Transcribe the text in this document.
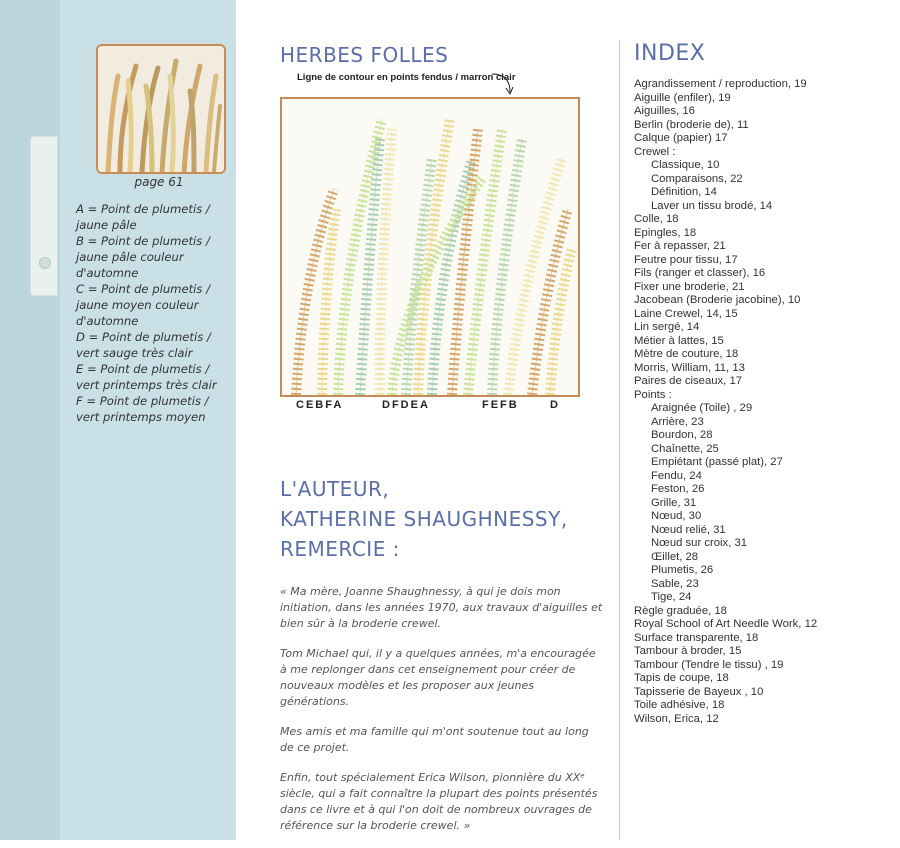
page 61
A = Point de plumetis / jaune pâle
B = Point de plumetis / jaune pâle couleur d'automne
C = Point de plumetis / jaune moyen couleur d'automne
D = Point de plumetis / vert sauge très clair
E = Point de plumetis / vert printemps très clair
F = Point de plumetis / vert printemps moyen
HERBES FOLLES
Ligne de contour en points fendus / marron clair
CEBFA	DFDEA	FEFB	D
L'AUTEUR,
KATHERINE SHAUGHNESSY,
REMERCIE :

« Ma mère, Joanne Shaughnessy, à qui je dois mon initiation, dans les années 1970, aux travaux d'aiguilles et bien sûr à la broderie crewel.

Tom Michael qui, il y a quelques années, m'a encouragée à me replonger dans cet enseignement pour créer de nouveaux modèles et les proposer aux jeunes générations.

Mes amis et ma famille qui m'ont soutenue tout au long de ce projet.

Enfin, tout spécialement Erica Wilson, pionnière du XXᵉ siècle, qui a fait connaître la plupart des points présentés dans ce livre et à qui l'on doit de nombreux ouvrages de référence sur la broderie crewel. »

INDEX
Agrandissement / reproduction, 19
Aiguille (enfiler), 19
Aiguilles, 16
Berlin (broderie de), 11
Calque (papier) 17
Crewel :
Classique, 10
Comparaisons, 22
Définition, 14
Laver un tissu brodé, 14
Colle, 18
Epingles, 18
Fer à repasser, 21
Feutre pour tissu, 17
Fils (ranger et classer), 16
Fixer une broderie, 21
Jacobean (Broderie jacobine), 10
Laine Crewel, 14, 15
Lin sergé, 14
Métier à lattes, 15
Mètre de couture, 18
Morris, William, 11, 13
Paires de ciseaux, 17
Points :
Araignée (Toile) , 29
Arrière, 23
Bourdon, 28
Chaînette, 25
Empiétant (passé plat), 27
Fendu, 24
Feston, 26
Grille, 31
Nœud, 30
Nœud relié, 31
Nœud sur croix, 31
Œillet, 28
Plumetis, 26
Sable, 23
Tige, 24
Règle graduée, 18
Royal School of Art Needle Work, 12
Surface transparente, 18
Tambour à broder, 15
Tambour (Tendre le tissu) , 19
Tapis de coupe, 18
Tapisserie de Bayeux , 10
Toile adhésive, 18
Wilson, Erica, 12
